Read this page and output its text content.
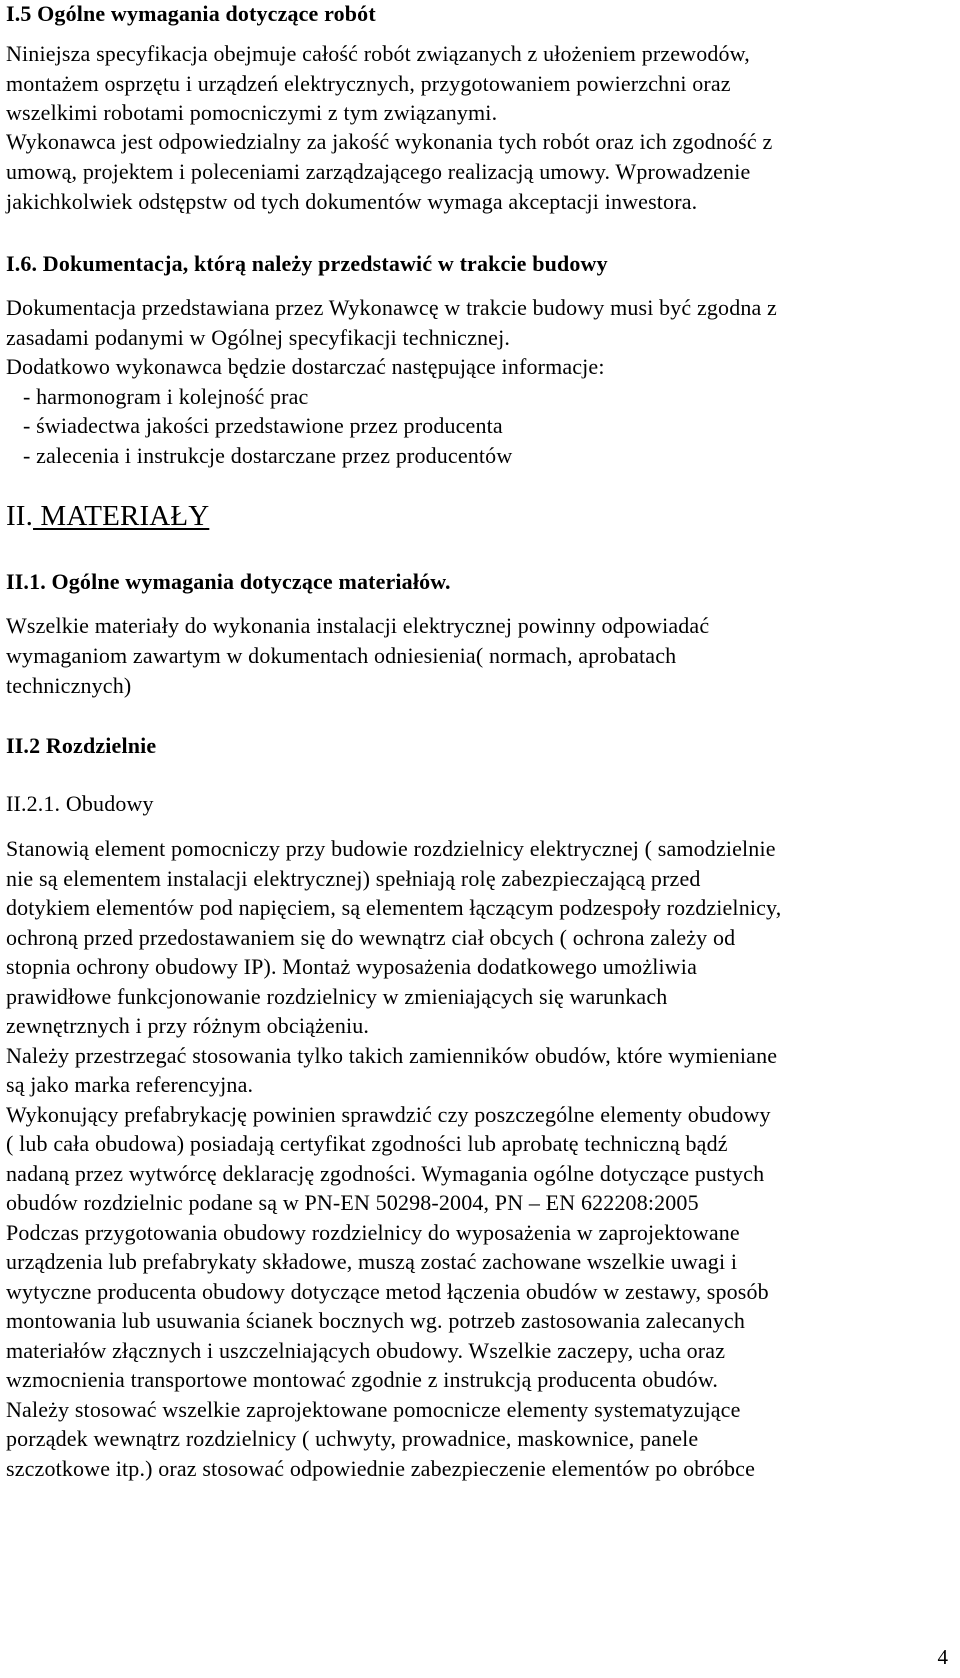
I.5 Ogólne wymagania dotyczące robót
Niniejsza specyfikacja obejmuje całość robót związanych z ułożeniem przewodów,
montażem osprzętu i urządzeń elektrycznych, przygotowaniem powierzchni oraz
wszelkimi robotami pomocniczymi z tym związanymi.
Wykonawca jest odpowiedzialny za jakość wykonania tych robót oraz ich zgodność z
umową, projektem i poleceniami zarządzającego realizacją umowy. Wprowadzenie
jakichkolwiek odstępstw od tych dokumentów wymaga akceptacji inwestora.
I.6. Dokumentacja, którą należy przedstawić w trakcie budowy
Dokumentacja przedstawiana przez Wykonawcę w trakcie budowy musi być zgodna z
zasadami podanymi w Ogólnej specyfikacji technicznej.
Dodatkowo wykonawca będzie dostarczać następujące informacje:
- harmonogram i kolejność prac
- świadectwa jakości przedstawione przez producenta
- zalecenia i instrukcje dostarczane przez producentów
II. MATERIAŁY
II.1. Ogólne wymagania dotyczące materiałów.
Wszelkie materiały do wykonania instalacji elektrycznej powinny odpowiadać
wymaganiom zawartym w dokumentach odniesienia( normach, aprobatach
technicznych)
II.2 Rozdzielnie
II.2.1. Obudowy
Stanowią element pomocniczy przy budowie rozdzielnicy elektrycznej ( samodzielnie
nie są elementem instalacji elektrycznej) spełniają rolę zabezpieczającą przed
dotykiem elementów pod napięciem, są elementem łączącym podzespoły rozdzielnicy,
ochroną przed przedostawaniem się do wewnątrz ciał obcych ( ochrona zależy od
stopnia ochrony obudowy IP). Montaż wyposażenia dodatkowego umożliwia
prawidłowe funkcjonowanie rozdzielnicy w zmieniających się warunkach
zewnętrznych i przy różnym obciążeniu.
Należy przestrzegać stosowania tylko takich zamienników obudów, które wymieniane
są jako marka referencyjna.
Wykonujący prefabrykację powinien sprawdzić czy poszczególne elementy obudowy
( lub cała obudowa) posiadają certyfikat zgodności lub aprobatę techniczną bądź
nadaną przez wytwórcę deklarację zgodności. Wymagania ogólne dotyczące pustych
obudów rozdzielnic podane są w PN-EN 50298-2004, PN – EN 622208:2005
Podczas przygotowania obudowy rozdzielnicy do wyposażenia w zaprojektowane
urządzenia lub prefabrykaty składowe, muszą zostać zachowane wszelkie uwagi i
wytyczne producenta obudowy dotyczące metod łączenia obudów w zestawy, sposób
montowania lub usuwania ścianek bocznych wg. potrzeb zastosowania zalecanych
materiałów złącznych i uszczelniających obudowy. Wszelkie zaczepy, ucha oraz
wzmocnienia transportowe montować zgodnie z instrukcją producenta obudów.
Należy stosować wszelkie zaprojektowane pomocnicze elementy systematyzujące
porządek wewnątrz rozdzielnicy ( uchwyty, prowadnice, maskownice, panele
szczotkowe itp.) oraz stosować odpowiednie zabezpieczenie elementów po obróbce
4
